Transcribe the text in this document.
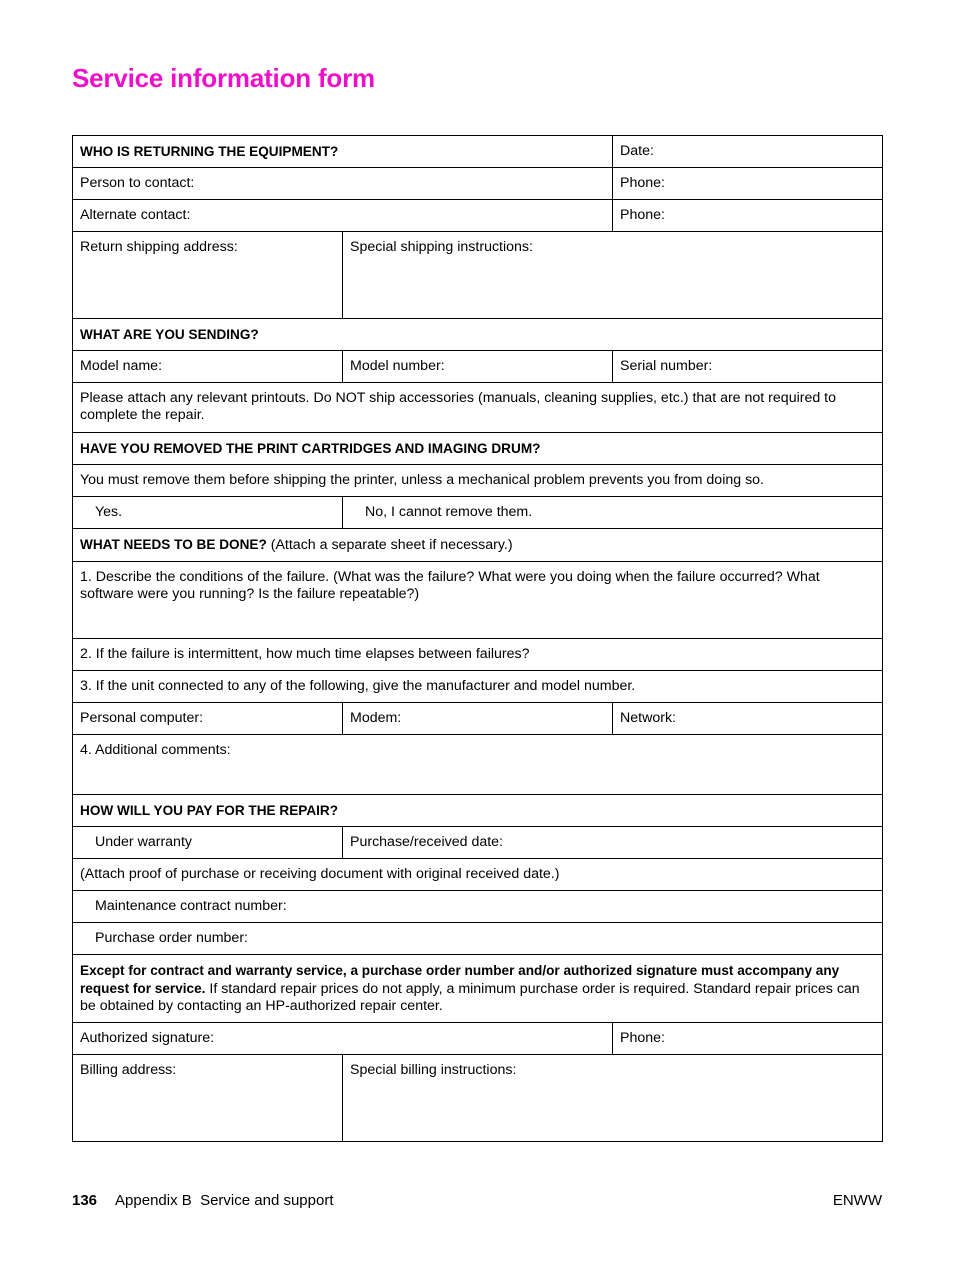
Service information form
WHO IS RETURNING THE EQUIPMENT?		Date:
Person to contact:		Phone:
Alternate contact:		Phone:
Return shipping address:	Special shipping instructions:	
WHAT ARE YOU SENDING?		
Model name:	Model number:	Serial number:
Please attach any relevant printouts. Do NOT ship accessories (manuals, cleaning supplies, etc.) that are not required to complete the repair.		
HAVE YOU REMOVED THE PRINT CARTRIDGES AND IMAGING DRUM?		
You must remove them before shipping the printer, unless a mechanical problem prevents you from doing so.		
Yes.	No, I cannot remove them.	
WHAT NEEDS TO BE DONE? (Attach a separate sheet if necessary.)		
1. Describe the conditions of the failure. (What was the failure? What were you doing when the failure occurred? What software were you running? Is the failure repeatable?)		
2. If the failure is intermittent, how much time elapses between failures?		
3. If the unit connected to any of the following, give the manufacturer and model number.		
Personal computer:	Modem:	Network:
4. Additional comments:		
HOW WILL YOU PAY FOR THE REPAIR?		
Under warranty	Purchase/received date:	
(Attach proof of purchase or receiving document with original received date.)		
Maintenance contract number:		
Purchase order number:		
Except for contract and warranty service, a purchase order number and/or authorized signature must accompany any request for service. If standard repair prices do not apply, a minimum purchase order is required. Standard repair prices can be obtained by contacting an HP-authorized repair center.		
Authorized signature:		Phone:
Billing address:	Special billing instructions:	
136 Appendix B  Service and support	ENWW
